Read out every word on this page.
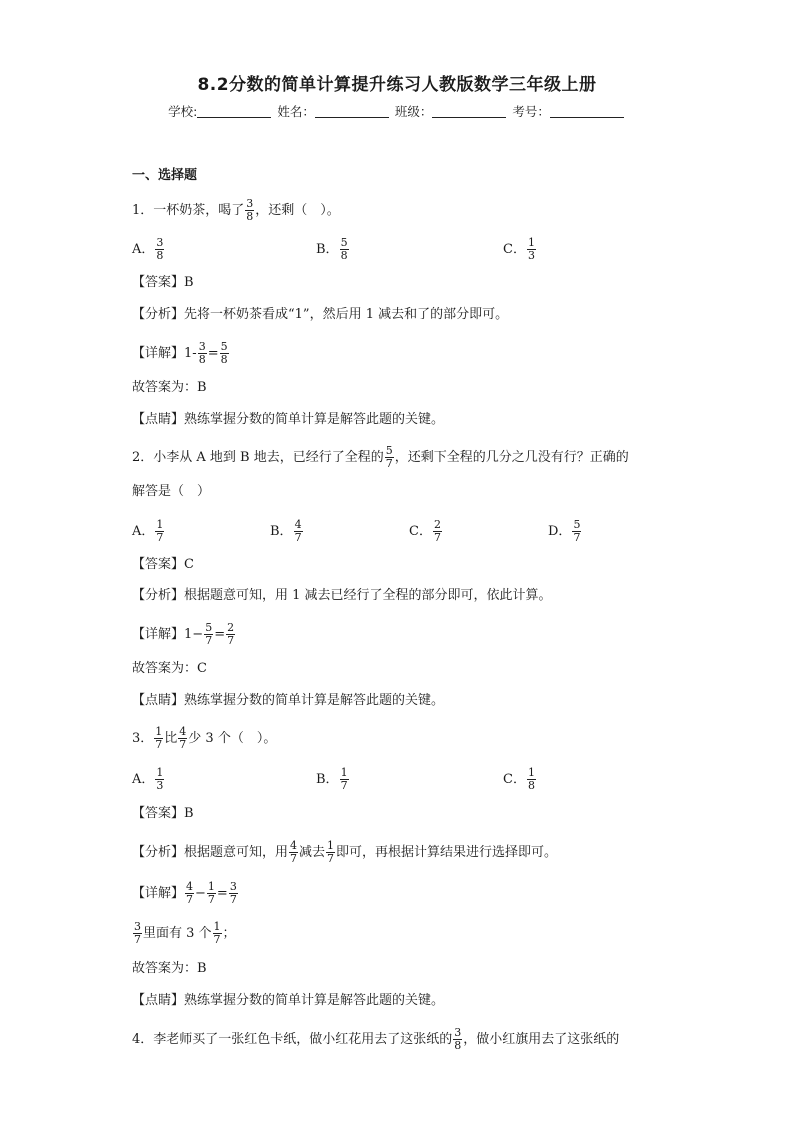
8.2分数的简单计算提升练习人教版数学三年级上册
学校:	姓名：	班级：	考号：
一、选择题
1．一杯奶茶，喝了 $\frac{3}{8}$ ，还剩（　）。
A． $\frac{3}{8}$	B． $\frac{5}{8}$	C． $\frac{1}{3}$
【答案】B
【分析】先将一杯奶茶看成“1”，然后用 1 减去和了的部分即可。
【详解】$1- \frac{3}{8} = \frac{5}{8}$
故答案为：B
【点睛】熟练掌握分数的简单计算是解答此题的关键。
2．小李从 A 地到 B 地去，已经行了全程的 $\frac{5}{7}$ ，还剩下全程的几分之几没有行？正确的
解答是（　）
A． $\frac{1}{7}$	B． $\frac{4}{7}$	C． $\frac{2}{7}$	D． $\frac{5}{7}$
【答案】C
【分析】根据题意可知，用 1 减去已经行了全程的部分即可，依此计算。
【详解】$1- \frac{5}{7} = \frac{2}{7}$
故答案为：C
【点睛】熟练掌握分数的简单计算是解答此题的关键。
3． $\frac{1}{7}$ 比 $\frac{4}{7}$ 少 3 个（　）。
A． $\frac{1}{3}$	B． $\frac{1}{7}$	C． $\frac{1}{8}$
【答案】B
【分析】根据题意可知，用 $\frac{4}{7}$ 减去 $\frac{1}{7}$ 即可，再根据计算结果进行选择即可。
【详解】 $\frac{4}{7} - \frac{1}{7} = \frac{3}{7}$
$\frac{3}{7}$ 里面有 3 个 $\frac{1}{7}$ ；
故答案为：B
【点睛】熟练掌握分数的简单计算是解答此题的关键。
4．李老师买了一张红色卡纸，做小红花用去了这张纸的 $\frac{3}{8}$ ，做小红旗用去了这张纸的
